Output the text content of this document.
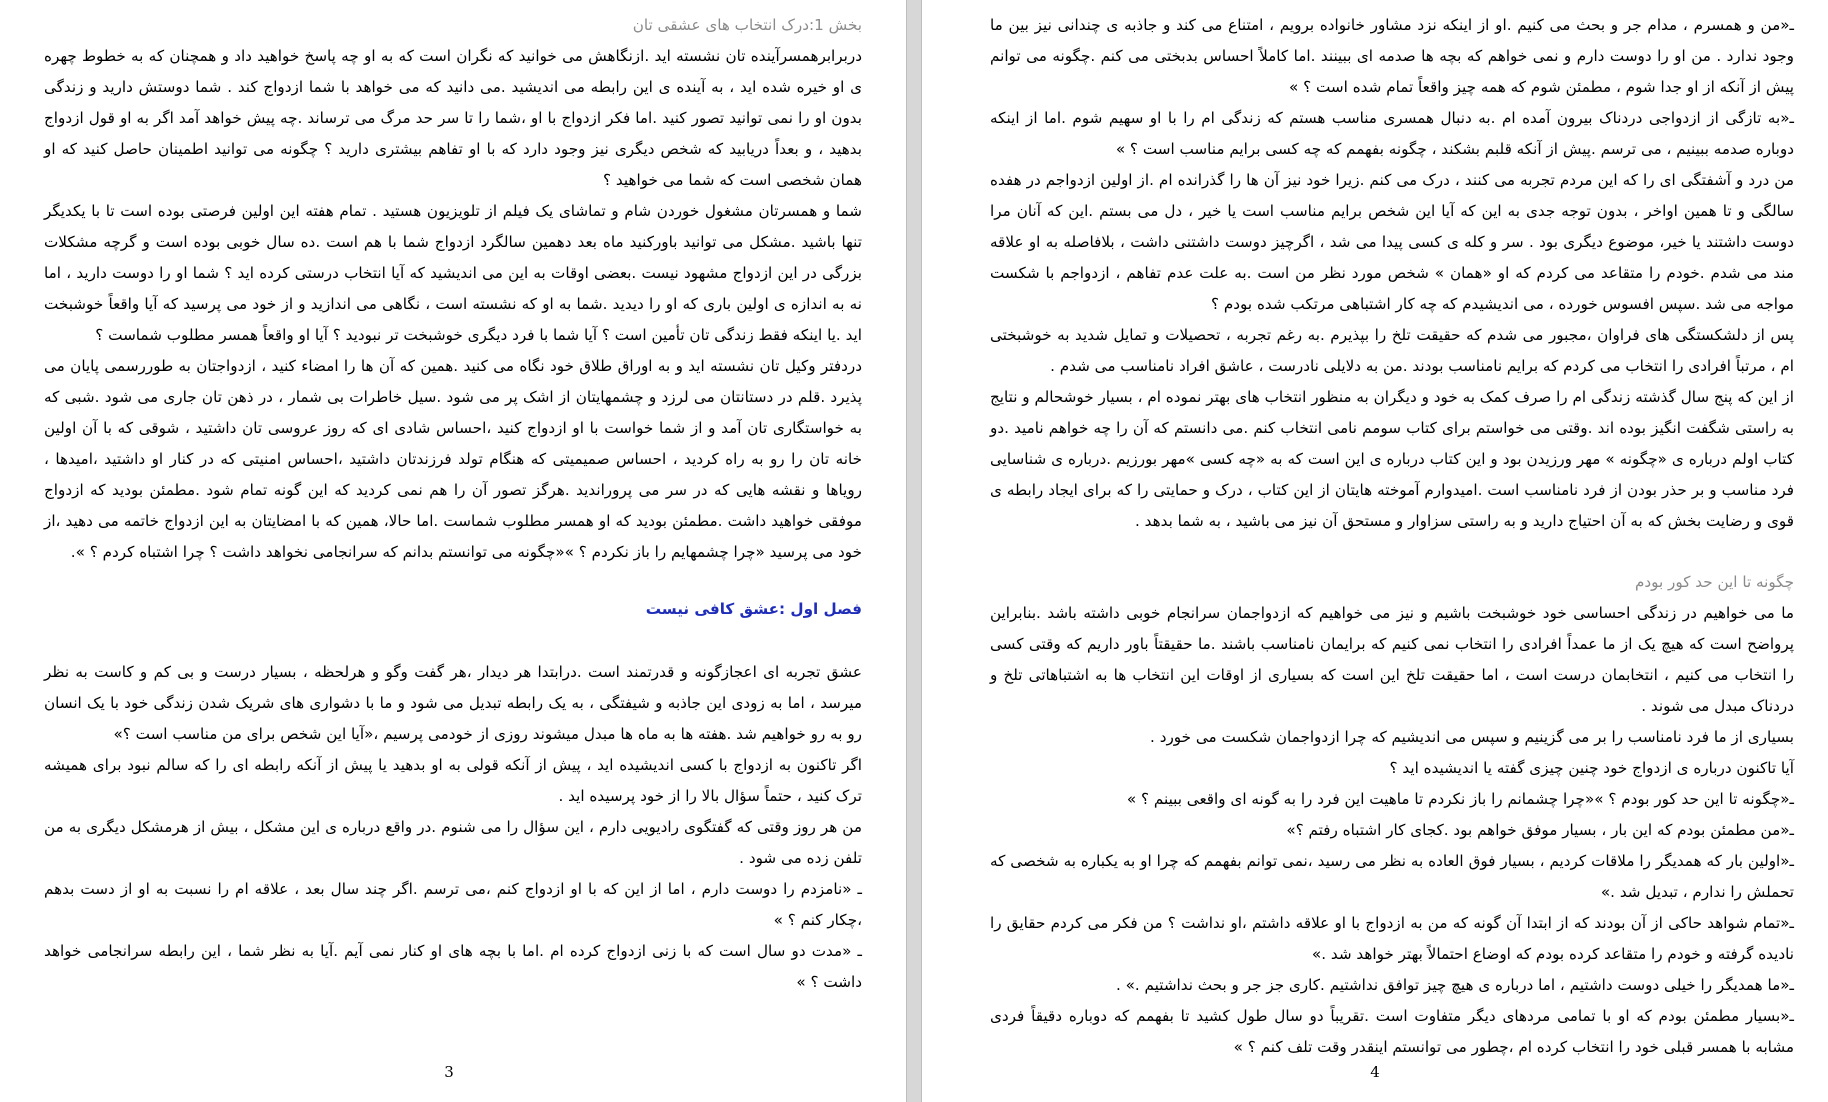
بخش 1:درک انتخاب های عشقی تان

دربرابرهمسرآینده تان نشسته اید .ازنگاهش می خوانید که نگران است که به او چه پاسخ خواهید داد و همچنان که به خطوط چهره ی او خیره شده اید ، به آینده ی این رابطه می اندیشید .می دانید که می خواهد با شما ازدواج کند . شما دوستش دارید و زندگی بدون او را نمی توانید تصور کنید .اما فکر ازدواج با او ،شما را تا سر حد مرگ می ترساند .چه پیش خواهد آمد اگر به او قول ازدواج بدهید ، و بعداً دریابید که شخص دیگری نیز وجود دارد که با او تفاهم بیشتری دارید ؟ چگونه می توانید اطمینان حاصل کنید که او همان شخصی است که شما می خواهید ؟

شما و همسرتان مشغول خوردن شام و تماشای یک فیلم از تلویزیون هستید . تمام هفته این اولین فرصتی بوده است تا با یکدیگر تنها باشید .مشکل می توانید باورکنید ماه بعد دهمین سالگرد ازدواج شما با هم است .ده سال خوبی بوده است و گرچه مشکلات بزرگی در این ازدواج مشهود نیست .بعضی اوقات به این می اندیشید که آیا انتخاب درستی کرده اید ؟ شما او را دوست دارید ، اما نه به اندازه ی اولین باری که او را دیدید .شما به او که نشسته است ، نگاهی می اندازید و از خود می پرسید که آیا واقعاً خوشبخت اید .یا اینکه فقط زندگی تان تأمین است ؟ آیا شما با فرد دیگری خوشبخت تر نبودید ؟ آیا او واقعاً همسر مطلوب شماست ؟

دردفتر وکیل تان نشسته اید و به اوراق طلاق خود نگاه می کنید .همین که آن ها را امضاء کنید ، ازدواجتان به طوررسمی پایان می پذیرد .قلم در دستانتان می لرزد و چشمهایتان از اشک پر می شود .سیل خاطرات بی شمار ، در ذهن تان جاری می شود .شبی که به خواستگاری تان آمد و از شما خواست با او ازدواج کنید ،احساس شادی ای که روز عروسی تان داشتید ، شوقی که با آن اولین خانه تان را رو به راه کردید ، احساس صمیمیتی که هنگام تولد فرزندتان داشتید ،احساس امنیتی که در کنار او داشتید ،امیدها ، رویاها و نقشه هایی که در سر می پروراندید .هرگز تصور آن را هم نمی کردید که این گونه تمام شود .مطمئن بودید که ازدواج موفقی خواهید داشت .مطمئن بودید که او همسر مطلوب شماست .اما حالا، همین که با امضایتان به این ازدواج خاتمه می دهید ،از خود می پرسید «چرا چشمهایم را باز نکردم ؟ »«چگونه می توانستم بدانم که سرانجامی نخواهد داشت ؟ چرا اشتباه کردم ؟ ».

فصل اول :عشق کافی نیست

عشق تجربه ای اعجازگونه و قدرتمند است .درابتدا هر دیدار ،هر گفت وگو و هرلحظه ، بسیار درست و بی کم و کاست به نظر میرسد ، اما به زودی این جاذبه و شیفتگی ، به یک رابطه تبدیل می شود و ما با دشواری های شریک شدن زندگی خود با یک انسان رو به رو خواهیم شد .هفته ها به ماه ها مبدل میشوند روزی از خودمی پرسیم ،«آیا این شخص برای من مناسب است ؟»

اگر تاکنون به ازدواج با کسی اندیشیده اید ، پیش از آنکه قولی به او بدهید یا پیش از آنکه رابطه ای را که سالم نبود برای همیشه ترک کنید ، حتماً سؤال بالا را از خود پرسیده اید .

من هر روز وقتی که گفتگوی رادیویی دارم ، این سؤال را می شنوم .در واقع درباره ی این مشکل ، بیش از هرمشکل دیگری به من تلفن زده می شود .

ـ «نامزدم را دوست دارم ، اما از این که با او ازدواج کنم ،می ترسم .اگر چند سال بعد ، علاقه ام را نسبت به او از دست بدهم ،چکار کنم ؟ »

ـ «مدت دو سال است که با زنی ازدواج کرده ام .اما با بچه های او کنار نمی آیم .آیا به نظر شما ، این رابطه سرانجامی خواهد داشت ؟ »

3

ـ«من و همسرم ، مدام جر و بحث می کنیم .او از اینکه نزد مشاور خانواده برویم ، امتناع می کند و جاذبه ی چندانی نیز بین ما وجود ندارد . من او را دوست دارم و نمی خواهم که بچه ها صدمه ای ببینند .اما کاملاً احساس بدبختی می کنم .چگونه می توانم پیش از آنکه از او جدا شوم ، مطمئن شوم که همه چیز واقعاً تمام شده است ؟ »

ـ«به تازگی از ازدواجی دردناک بیرون آمده ام .به دنبال همسری مناسب هستم که زندگی ام را با او سهیم شوم .اما از اینکه دوباره صدمه ببینیم ، می ترسم .پیش از آنکه قلبم بشکند ، چگونه بفهمم که چه کسی برایم مناسب است ؟ »

من درد و آشفتگی ای را که این مردم تجربه می کنند ، درک می کنم .زیرا خود نیز آن ها را گذرانده ام .از اولین ازدواجم در هفده سالگی و تا همین اواخر ، بدون توجه جدی به این که آیا این شخص برایم مناسب است یا خیر ، دل می بستم .این که آنان مرا دوست داشتند یا خیر، موضوع دیگری بود . سر و کله ی کسی پیدا می شد ، اگرچیز دوست داشتنی داشت ، بلافاصله به او علاقه مند می شدم .خودم را متقاعد می کردم که او «همان » شخص مورد نظر من است .به علت عدم تفاهم ، ازدواجم با شکست مواجه می شد .سپس افسوس خورده ، می اندیشیدم که چه کار اشتباهی مرتکب شده بودم ؟

پس از دلشکستگی های فراوان ،مجبور می شدم که حقیقت تلخ را بپذیرم .به رغم تجربه ، تحصیلات و تمایل شدید به خوشبختی ام ، مرتباً افرادی را انتخاب می کردم که برایم نامناسب بودند .من به دلایلی نادرست ، عاشق افراد نامناسب می شدم .

از این که پنج سال گذشته زندگی ام را صرف کمک به خود و دیگران به منظور انتخاب های بهتر نموده ام ، بسیار خوشحالم و نتایج به راستی شگفت انگیز بوده اند .وقتی می خواستم برای کتاب سومم نامی انتخاب کنم .می دانستم که آن را چه خواهم نامید .دو کتاب اولم درباره ی «چگونه » مهر ورزیدن بود و این کتاب درباره ی این است که به «چه کسی »مهر بورزیم .درباره ی شناسایی فرد مناسب و بر حذر بودن از فرد نامناسب است .امیدوارم آموخته هایتان از این کتاب ، درک و حمایتی را که برای ایجاد رابطه ی قوی و رضایت بخش که به آن احتیاج دارید و به راستی سزاوار و مستحق آن نیز می باشید ، به شما بدهد .

چگونه تا این حد کور بودم

ما می خواهیم در زندگی احساسی خود خوشبخت باشیم و نیز می خواهیم که ازدواجمان سرانجام خوبی داشته باشد .بنابراین پرواضح است که هیچ یک از ما عمداً افرادی را انتخاب نمی کنیم که برایمان نامناسب باشند .ما حقیقتاً باور داریم که وقتی کسی را انتخاب می کنیم ، انتخابمان درست است ، اما حقیقت تلخ این است که بسیاری از اوقات این انتخاب ها به اشتباهاتی تلخ و دردناک مبدل می شوند .

بسیاری از ما فرد نامناسب را بر می گزینیم و سپس می اندیشیم که چرا ازدواجمان شکست می خورد .

آیا تاکنون درباره ی ازدواج خود چنین چیزی گفته یا اندیشیده اید ؟

ـ«چگونه تا این حد کور بودم ؟ »«چرا چشمانم را باز نکردم تا ماهیت این فرد را به گونه ای واقعی ببینم ؟ »

ـ«من مطمئن بودم که این بار ، بسیار موفق خواهم بود .کجای کار اشتباه رفتم ؟»

ـ«اولین بار که همدیگر را ملاقات کردیم ، بسیار فوق العاده به نظر می رسید ،نمی توانم بفهمم که چرا او به یکباره به شخصی که تحملش را ندارم ، تبدیل شد .»

ـ«تمام شواهد حاکی از آن بودند که از ابتدا آن گونه که من به ازدواج با او علاقه داشتم ،او نداشت ؟ من فکر می کردم حقایق را نادیده گرفته و خودم را متقاعد کرده بودم که اوضاع احتمالاً بهتر خواهد شد .»

ـ«ما همدیگر را خیلی دوست داشتیم ، اما درباره ی هیچ چیز توافق نداشتیم .کاری جز جر و بحث نداشتیم .» .

ـ«بسیار مطمئن بودم که او با تمامی مردهای دیگر متفاوت است .تقریباً دو سال طول کشید تا بفهمم که دوباره دقیقاً فردی مشابه با همسر قبلی خود را انتخاب کرده ام ،چطور می توانستم اینقدر وقت تلف کنم ؟ »

4
